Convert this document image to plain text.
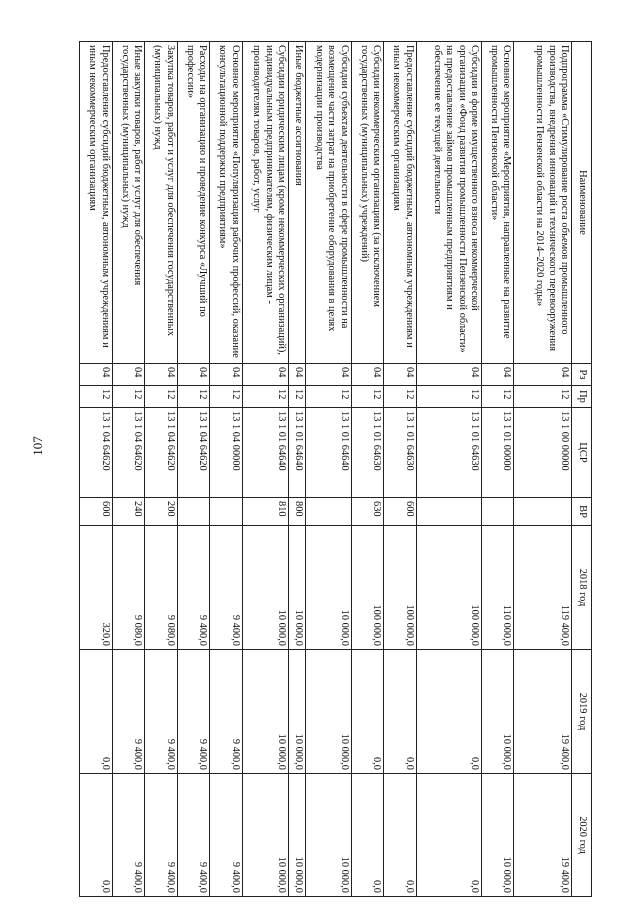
107
Наименование	Рз	Пр	ЦСР	ВР	2018 год	2019 год	2020 год
Подпрограмма «Стимулирование роста объемов промышленного производства, внедрения инноваций и технического перевооружения промышленности Пензенской области на 2014–2020 годы»	04	12	13 1 00 00000		119 400,0	19 400,0	19 400,0
Основное мероприятие «Мероприятия, направленные на развитие промышленности Пензенской области»	04	12	13 1 01 00000		110 000,0	10 000,0	10 000,0
Субсидии в форме имущественного взноса некоммерческой организации «Фонд развития промышленности Пензенской области» на предоставление займов промышленным предприятиям и обеспечение ее текущей деятельности	04	12	13 1 01 64630		100 000,0	0,0	0,0
Предоставление субсидий бюджетным, автономным учреждениям и иным некоммерческим организациям	04	12	13 1 01 64630	600	100 000,0	0,0	0,0
Субсидии некоммерческим организациям (за исключением государственных (муниципальных) учреждений)	04	12	13 1 01 64630	630	100 000,0	0,0	0,0
Субсидии субъектам деятельности в сфере промышленности на возмещение части затрат на приобретение оборудования в целях модернизации производства	04	12	13 1 01 64640		10 000,0	10 000,0	10 000,0
Иные бюджетные ассигнования	04	12	13 1 01 64640	800	10 000,0	10 000,0	10 000,0
Субсидии юридическим лицам (кроме некоммерческих организаций), индивидуальным предпринимателям, физическим лицам - производителям товаров, работ, услуг	04	12	13 1 01 64640	810	10 000,0	10 000,0	10 000,0
Основное мероприятие «Популяризация рабочих профессий, оказание консультационной поддержки предприятиям»	04	12	13 1 04 00000		9 400,0	9 400,0	9 400,0
Расходы на организацию и проведение конкурса «Лучший по профессии»	04	12	13 1 04 64620		9 400,0	9 400,0	9 400,0
Закупка товаров, работ и услуг для обеспечения государственных (муниципальных) нужд	04	12	13 1 04 64620	200	9 080,0	9 400,0	9 400,0
Иные закупки товаров, работ и услуг для обеспечения государственных (муниципальных) нужд	04	12	13 1 04 64620	240	9 080,0	9 400,0	9 400,0
Предоставление субсидий бюджетным, автономным учреждениям и иным некоммерческим организациям	04	12	13 1 04 64620	600	320,0	0,0	0,0
